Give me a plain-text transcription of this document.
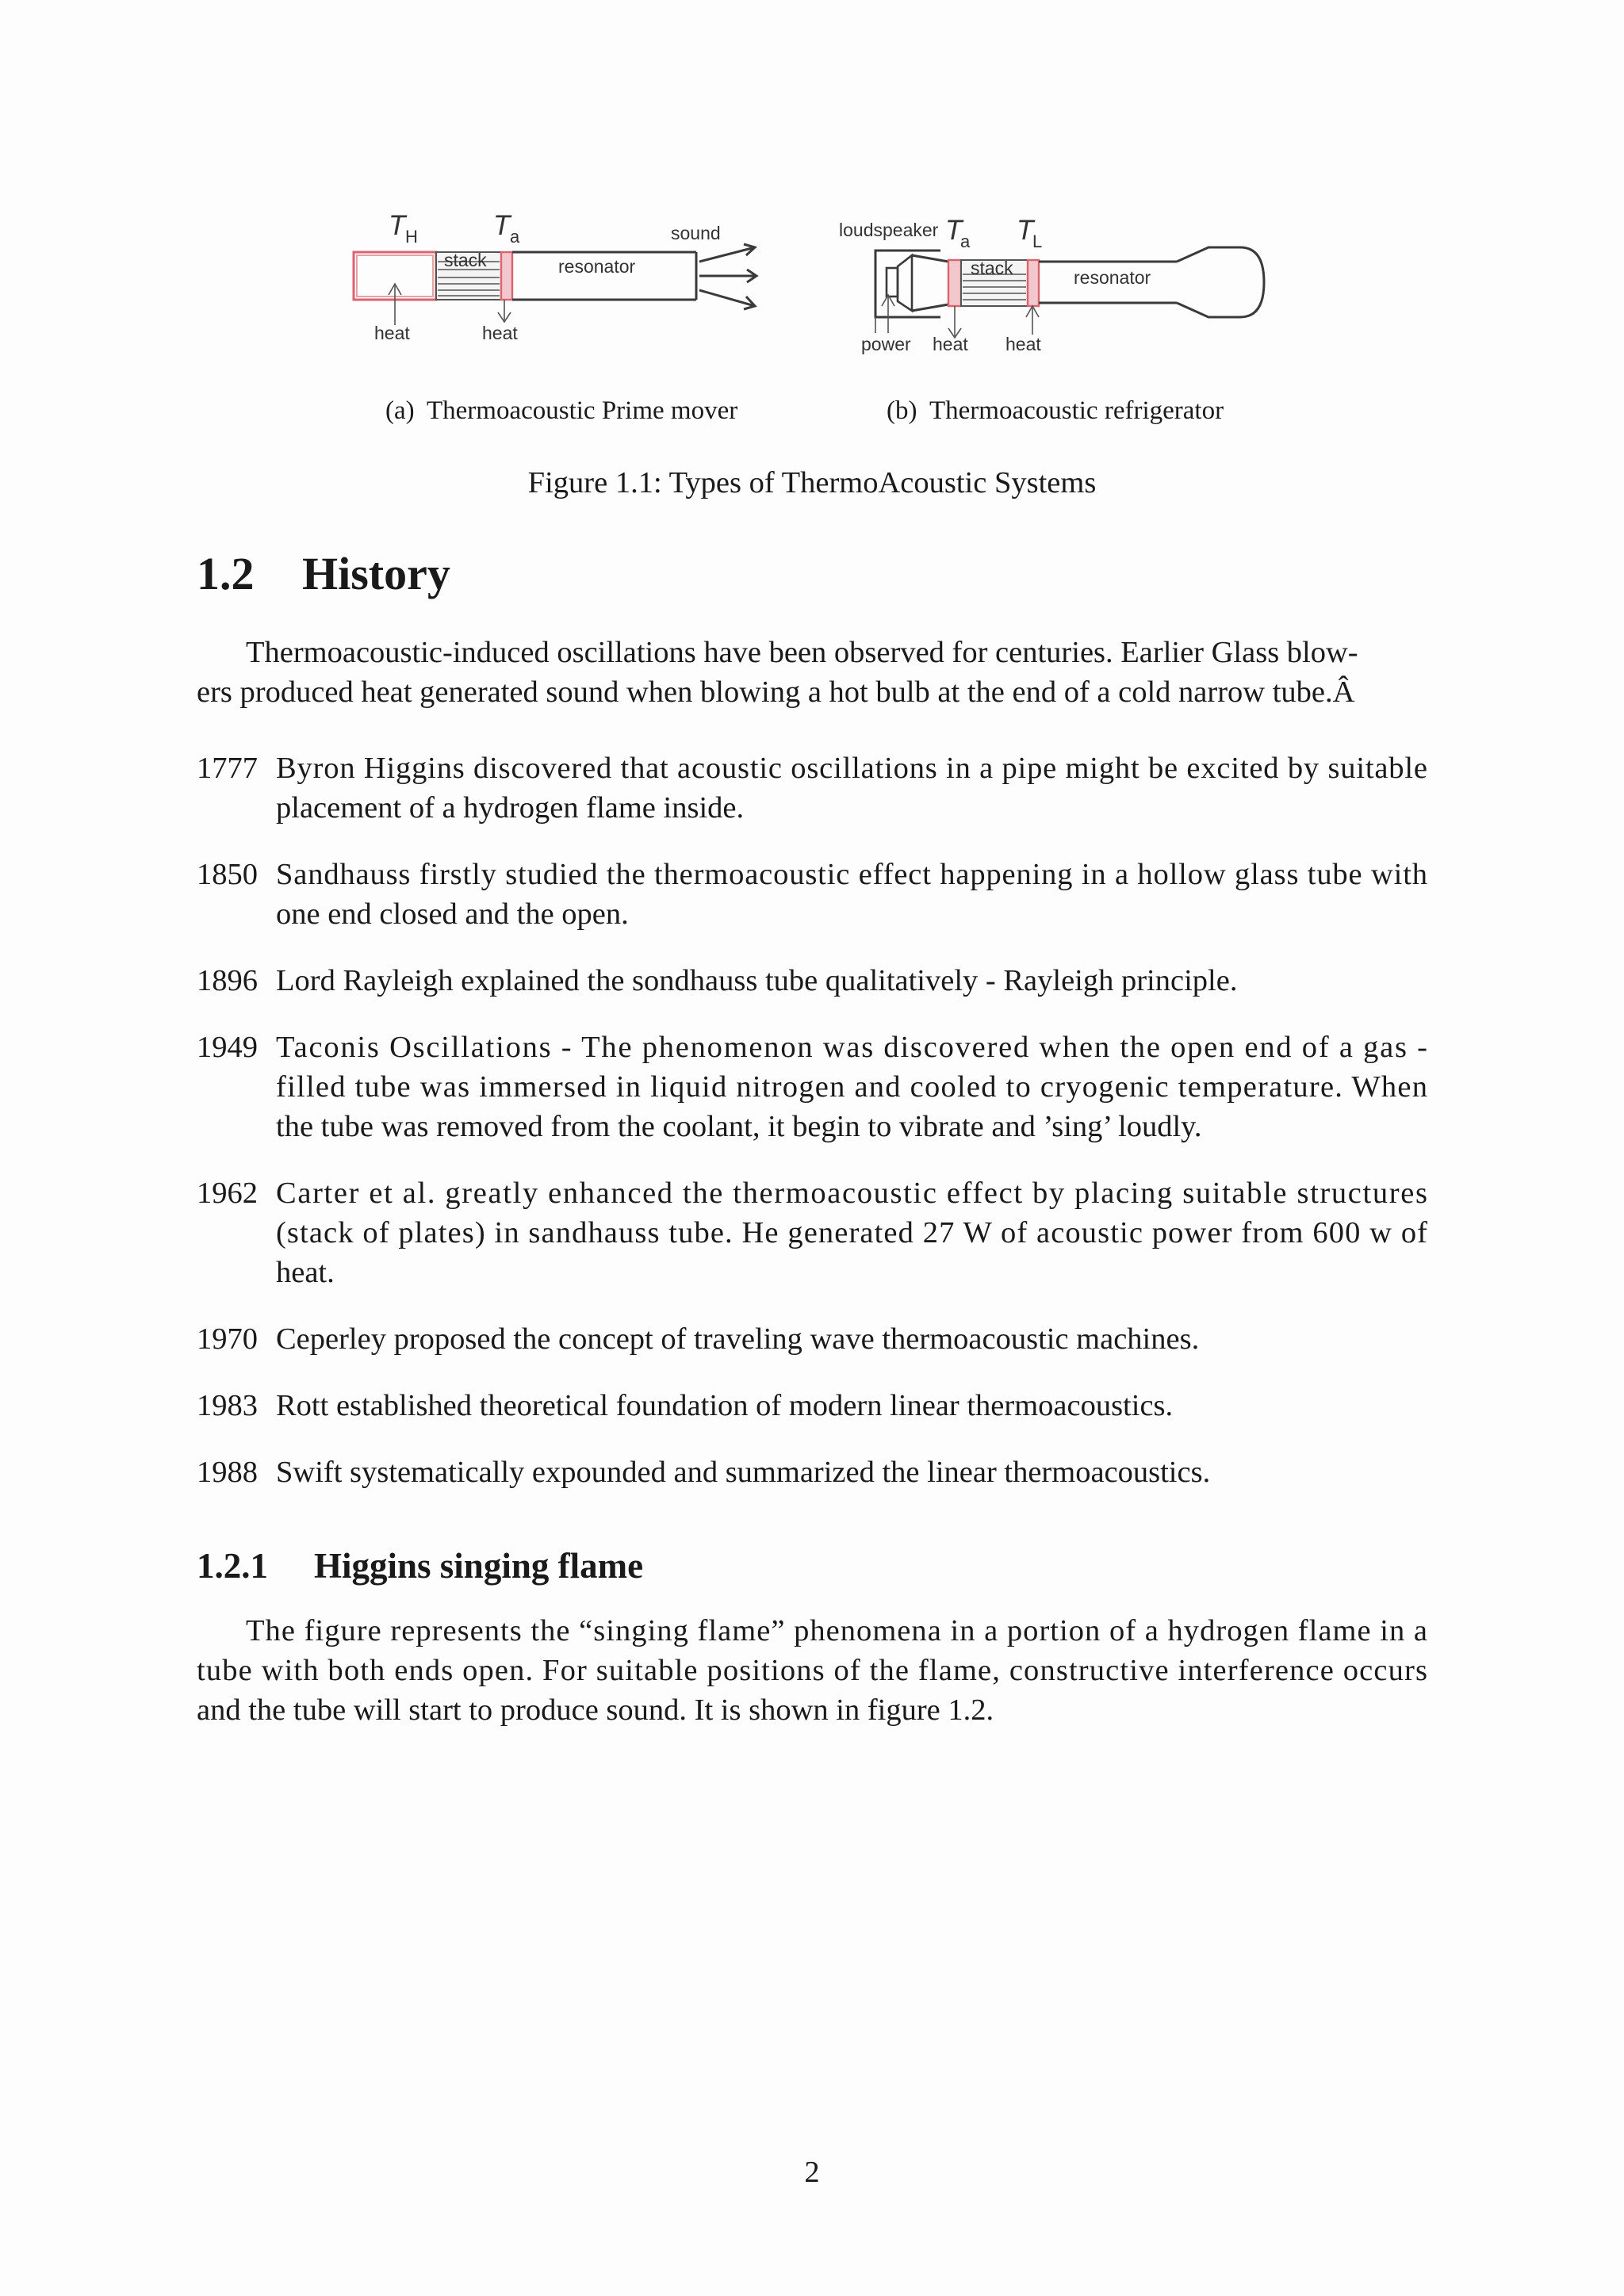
T H	T a
stack	resonator
sound
heat	heat
loudspeaker T
a T
L
stack	resonator
power heat heat
(a) Thermoacoustic Prime mover	(b) Thermoacoustic refrigerator
Figure 1.1: Types of ThermoAcoustic Systems
1.2 History
Thermoacoustic-induced oscillations have been observed for centuries. Earlier Glass blow-
ers produced heat generated sound when blowing a hot bulb at the end of a cold narrow tube.Â
1777 Byron Higgins discovered that acoustic oscillations in a pipe might be excited by suitable
placement of a hydrogen flame inside.
1850 Sandhauss firstly studied the thermoacoustic effect happening in a hollow glass tube with
one end closed and the open.
1896 Lord Rayleigh explained the sondhauss tube qualitatively - Rayleigh principle.
1949 Taconis Oscillations - The phenomenon was discovered when the open end of a gas -
filled tube was immersed in liquid nitrogen and cooled to cryogenic temperature. When
the tube was removed from the coolant, it begin to vibrate and ’sing’ loudly.
1962 Carter et al. greatly enhanced the thermoacoustic effect by placing suitable structures
(stack of plates) in sandhauss tube. He generated 27 W of acoustic power from 600 w of
heat.
1970 Ceperley proposed the concept of traveling wave thermoacoustic machines.
1983 Rott established theoretical foundation of modern linear thermoacoustics.
1988 Swift systematically expounded and summarized the linear thermoacoustics.
1.2.1 Higgins singing flame
The figure represents the “singing flame” phenomena in a portion of a hydrogen flame in a
tube with both ends open. For suitable positions of the flame, constructive interference occurs
and the tube will start to produce sound. It is shown in figure 1.2.
2
